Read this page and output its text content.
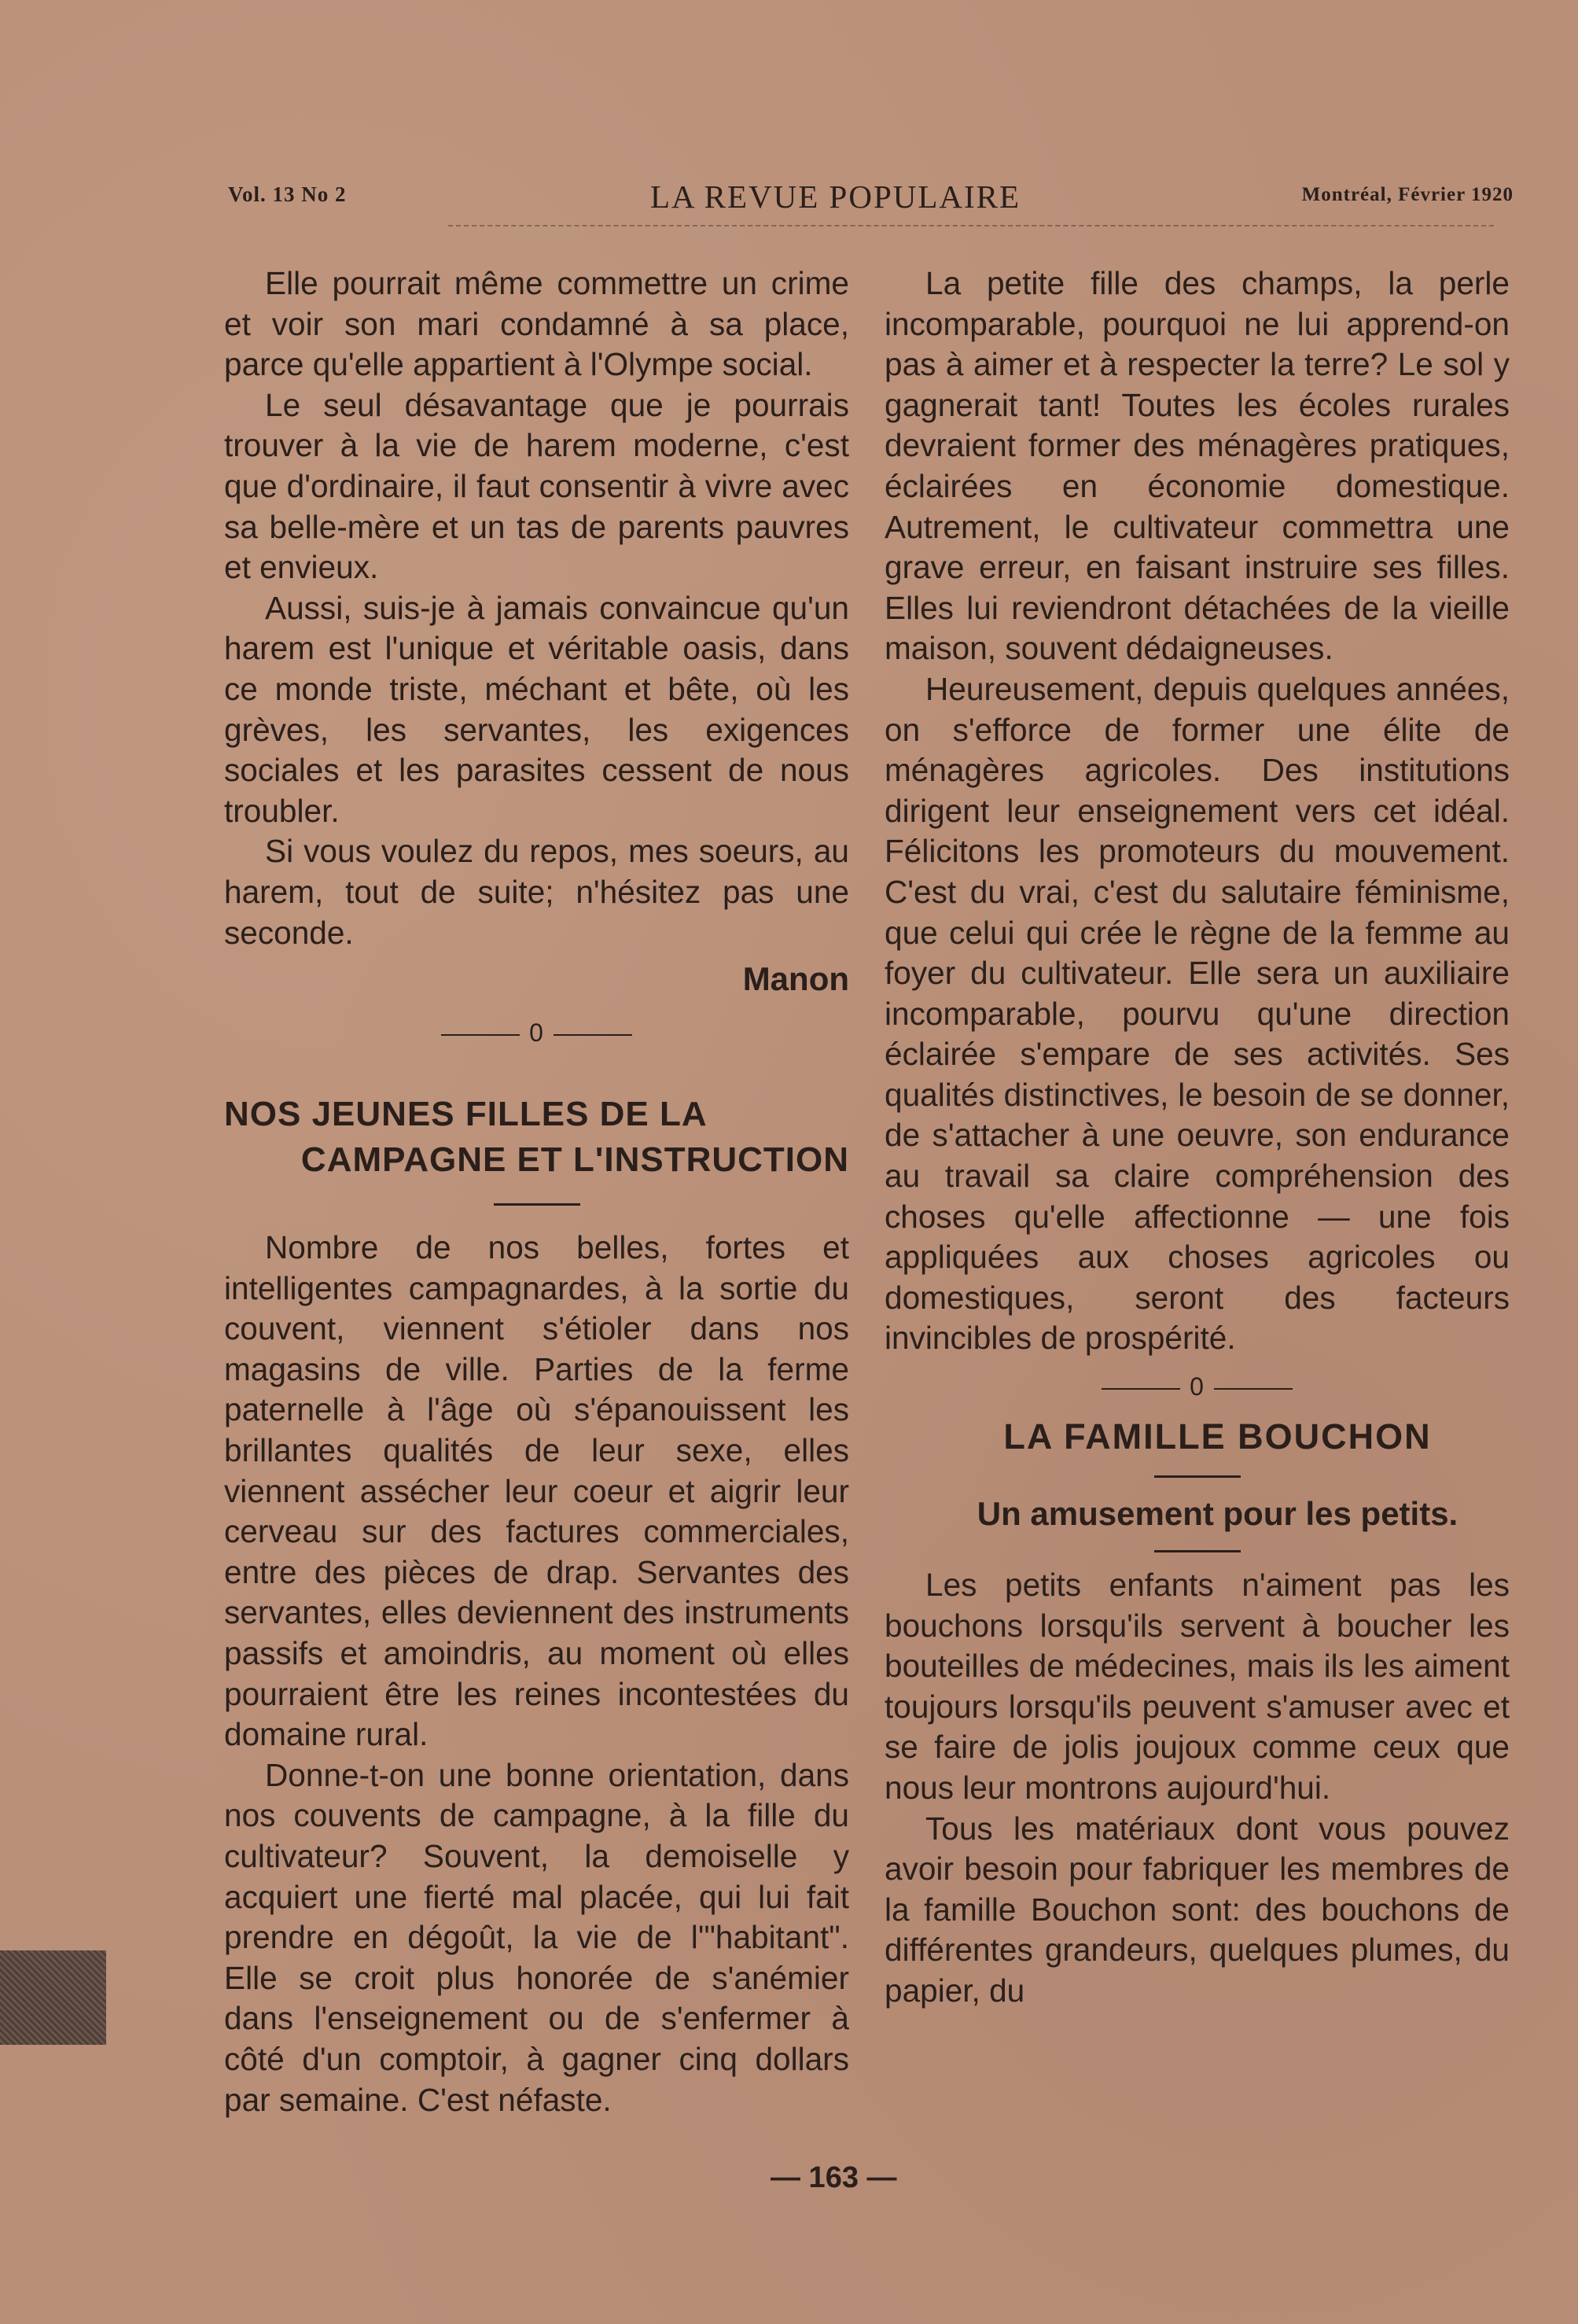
Vol. 13 No 2	LA REVUE POPULAIRE	Montréal, Février 1920

Elle pourrait même commettre un crime et voir son mari condamné à sa place, parce qu'elle appartient à l'Olympe social.

Le seul désavantage que je pourrais trouver à la vie de harem moderne, c'est que d'ordinaire, il faut consentir à vivre avec sa belle-mère et un tas de parents pauvres et envieux.

Aussi, suis-je à jamais convaincue qu'un harem est l'unique et véritable oasis, dans ce monde triste, méchant et bête, où les grèves, les servantes, les exigences sociales et les parasites cessent de nous troubler.

Si vous voulez du repos, mes soeurs, au harem, tout de suite; n'hésitez pas une seconde.

Manon

0
NOS JEUNES FILLES DE LA
CAMPAGNE ET L'INSTRUCTION

Nombre de nos belles, fortes et intelligentes campagnardes, à la sortie du couvent, viennent s'étioler dans nos magasins de ville. Parties de la ferme paternelle à l'âge où s'épanouissent les brillantes qualités de leur sexe, elles viennent assécher leur coeur et aigrir leur cerveau sur des factures commerciales, entre des pièces de drap. Servantes des servantes, elles deviennent des instruments passifs et amoindris, au moment où elles pourraient être les reines incontestées du domaine rural.

Donne-t-on une bonne orientation, dans nos couvents de campagne, à la fille du cultivateur? Souvent, la demoiselle y acquiert une fierté mal placée, qui lui fait prendre en dégoût, la vie de l'"habitant". Elle se croit plus honorée de s'anémier dans l'enseignement ou de s'enfermer à côté d'un comptoir, à gagner cinq dollars par semaine. C'est néfaste.

La petite fille des champs, la perle incomparable, pourquoi ne lui apprend-on pas à aimer et à respecter la terre? Le sol y gagnerait tant! Toutes les écoles rurales devraient former des ménagères pratiques, éclairées en économie domestique. Autrement, le cultivateur commettra une grave erreur, en faisant instruire ses filles. Elles lui reviendront détachées de la vieille maison, souvent dédaigneuses.

Heureusement, depuis quelques années, on s'efforce de former une élite de ménagères agricoles. Des institutions dirigent leur enseignement vers cet idéal. Félicitons les promoteurs du mouvement. C'est du vrai, c'est du salutaire féminisme, que celui qui crée le règne de la femme au foyer du cultivateur. Elle sera un auxiliaire incomparable, pourvu qu'une direction éclairée s'empare de ses activités. Ses qualités distinctives, le besoin de se donner, de s'attacher à une oeuvre, son endurance au travail sa claire compréhension des choses qu'elle affectionne — une fois appliquées aux choses agricoles ou domestiques, seront des facteurs invincibles de prospérité.

0

LA FAMILLE BOUCHON

Un amusement pour les petits.

Les petits enfants n'aiment pas les bouchons lorsqu'ils servent à boucher les bouteilles de médecines, mais ils les aiment toujours lorsqu'ils peuvent s'amuser avec et se faire de jolis joujoux comme ceux que nous leur montrons aujourd'hui.

Tous les matériaux dont vous pouvez avoir besoin pour fabriquer les membres de la famille Bouchon sont: des bouchons de différentes grandeurs, quelques plumes, du papier, du

— 163 —
